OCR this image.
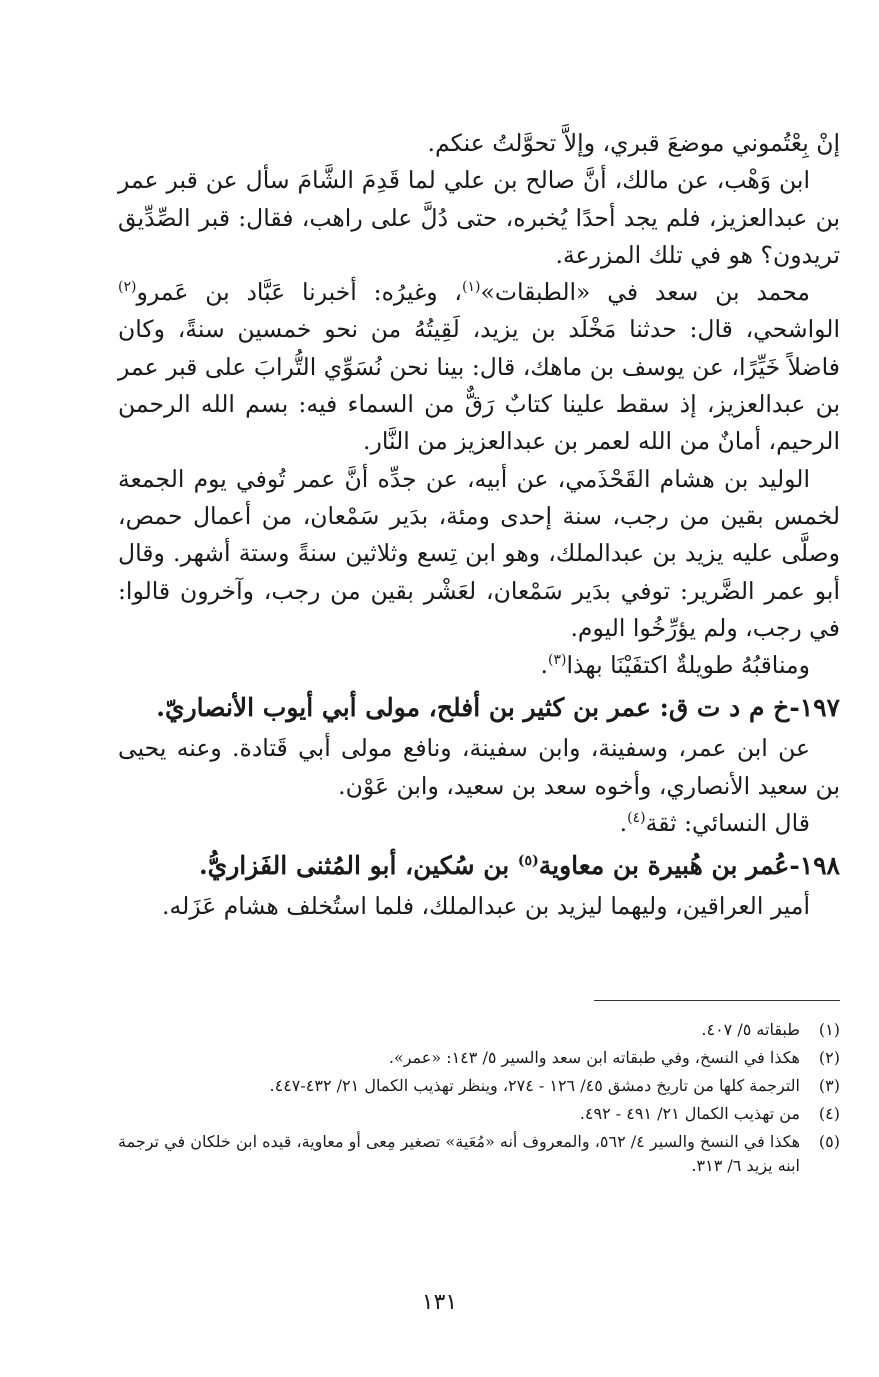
إنْ بِعْتُموني موضعَ قبري، وإلاَّ تحوَّلتُ عنكم.

ابن وَهْب، عن مالك، أنَّ صالح بن علي لما قَدِمَ الشَّامَ سأل عن قبر عمر بن عبدالعزيز، فلم يجد أحدًا يُخبره، حتى دُلَّ على راهب، فقال: قبر الصِّدِّيق تريدون؟ هو في تلك المزرعة.

محمد بن سعد في «الطبقات»$^{(١)}$، وغيرُه: أخبرنا عَبَّاد بن عَمرو$^{(٢)}$ الواشحي، قال: حدثنا مَخْلَد بن يزيد، لَقِيتُهُ من نحو خمسين سنةً، وكان فاضلاً خَيِّرًا، عن يوسف بن ماهك، قال: بينا نحن نُسَوِّي التُّرابَ على قبر عمر بن عبدالعزيز، إذ سقط علينا كتابٌ رَقٌّ من السماء فيه: بسم الله الرحمن الرحيم، أمانٌ من الله لعمر بن عبدالعزيز من النَّار.

الوليد بن هشام القَحْذَمي، عن أبيه، عن جدِّه أنَّ عمر تُوفي يوم الجمعة لخمس بقين من رجب، سنة إحدى ومئة، بدَير سَمْعان، من أعمال حمص، وصلَّى عليه يزيد بن عبدالملك، وهو ابن تِسع وثلاثين سنةً وستة أشهر. وقال أبو عمر الضَّرير: توفي بدَير سَمْعان، لعَشْر بقين من رجب، وآخرون قالوا: في رجب، ولم يؤرِّخُوا اليوم.

ومناقبُهُ طويلةٌ اكتفَيْنَا بهذا$^{(٣)}$.

١٩٧-خ م د ت ق: عمر بن كثير بن أفلح، مولى أبي أيوب الأنصاريّ.

عن ابن عمر، وسفينة، وابن سفينة، ونافع مولى أبي قَتادة. وعنه يحيى بن سعيد الأنصاري، وأخوه سعد بن سعيد، وابن عَوْن.

قال النسائي: ثقة$^{(٤)}$.

١٩٨-عُمر بن هُبيرة بن معاوية$^{(٥)}$ بن سُكين، أبو المُثنى الفَزاريُّ.

أمير العراقين، وليهما ليزيد بن عبدالملك، فلما استُخلف هشام عَزَله.

(١)
طبقاته ٥/ ٤٠٧.
(٢)
هكذا في النسخ، وفي طبقاته ابن سعد والسير ٥/ ١٤٣: «عمر».
(٣)
الترجمة كلها من تاريخ دمشق ٤٥/ ١٢٦ - ٢٧٤، وينظر تهذيب الكمال ٢١/ ٤٣٢-٤٤٧.
(٤)
من تهذيب الكمال ٢١/ ٤٩١ - ٤٩٢.
(٥)
هكذا في النسخ والسير ٤/ ٥٦٢، والمعروف أنه «مُعَية» تصغير مِعى أو معاوية، قيده ابن خلكان في ترجمة ابنه يزيد ٦/ ٣١٣.
١٣١
